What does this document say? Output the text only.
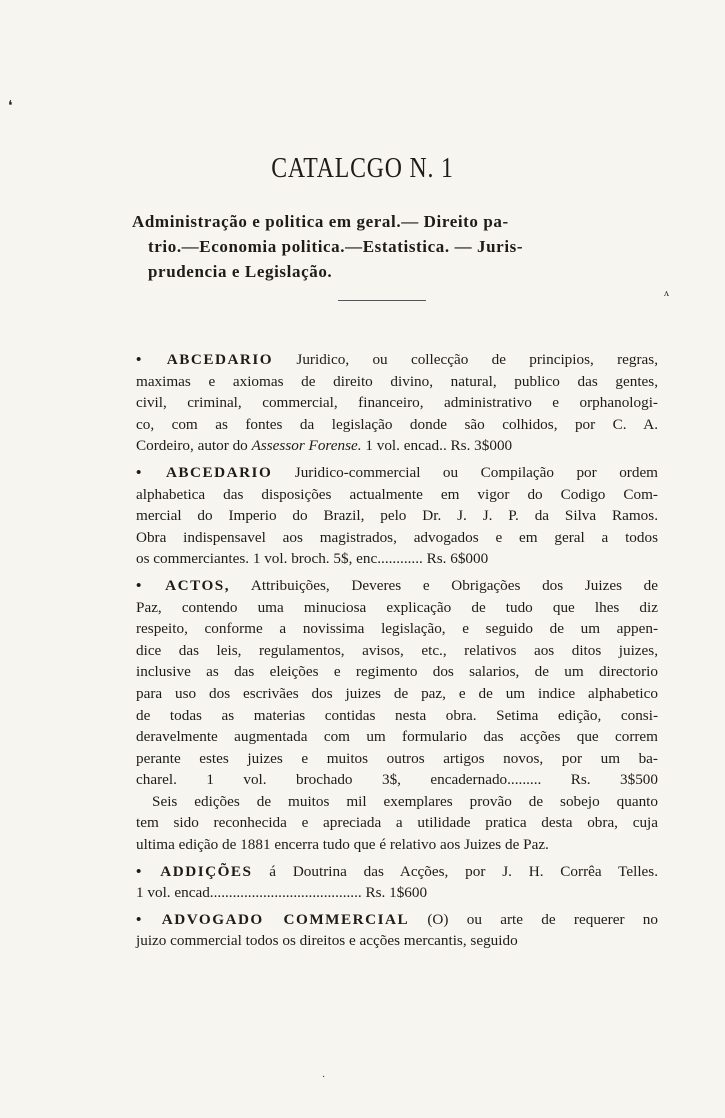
CATALCGO N. 1
Administração e politica em geral.— Direito pa-
trio.—Economia politica.—Estatistica. — Juris-
prudencia e Legislação.
❛
ʌ
·
• ABCEDARIO Juridico, ou collecção de principios, regras,
maximas e axiomas de direito divino, natural, publico das gentes,
civil, criminal, commercial, financeiro, administrativo e orphanologi-
co, com as fontes da legislação donde são colhidos, por C. A.
Cordeiro, autor do Assessor Forense. 1 vol. encad.. Rs. 3$000
• ABCEDARIO Juridico-commercial ou Compilação por ordem
alphabetica das disposições actualmente em vigor do Codigo Com-
mercial do Imperio do Brazil, pelo Dr. J. J. P. da Silva Ramos.
Obra indispensavel aos magistrados, advogados e em geral a todos
os commerciantes. 1 vol. broch. 5$, enc............ Rs. 6$000
• ACTOS, Attribuições, Deveres e Obrigações dos Juizes de
Paz, contendo uma minuciosa explicação de tudo que lhes diz
respeito, conforme a novissima legislação, e seguido de um appen-
dice das leis, regulamentos, avisos, etc., relativos aos ditos juizes,
inclusive as das eleições e regimento dos salarios, de um directorio
para uso dos escrivães dos juizes de paz, e de um indice alphabetico
de todas as materias contidas nesta obra. Setima edição, consi-
deravelmente augmentada com um formulario das acções que correm
perante estes juizes e muitos outros artigos novos, por um ba-
charel. 1 vol. brochado 3$, encadernado......... Rs. 3$500
Seis edições de muitos mil exemplares provão de sobejo quanto
tem sido reconhecida e apreciada a utilidade pratica desta obra, cuja
ultima edição de 1881 encerra tudo que é relativo aos Juizes de Paz.
• ADDIÇÕES á Doutrina das Acções, por J. H. Corrêa Telles.
1 vol. encad........................................ Rs. 1$600
• ADVOGADO COMMERCIAL (O) ou arte de requerer no
juizo commercial todos os direitos e acções mercantis, seguido
